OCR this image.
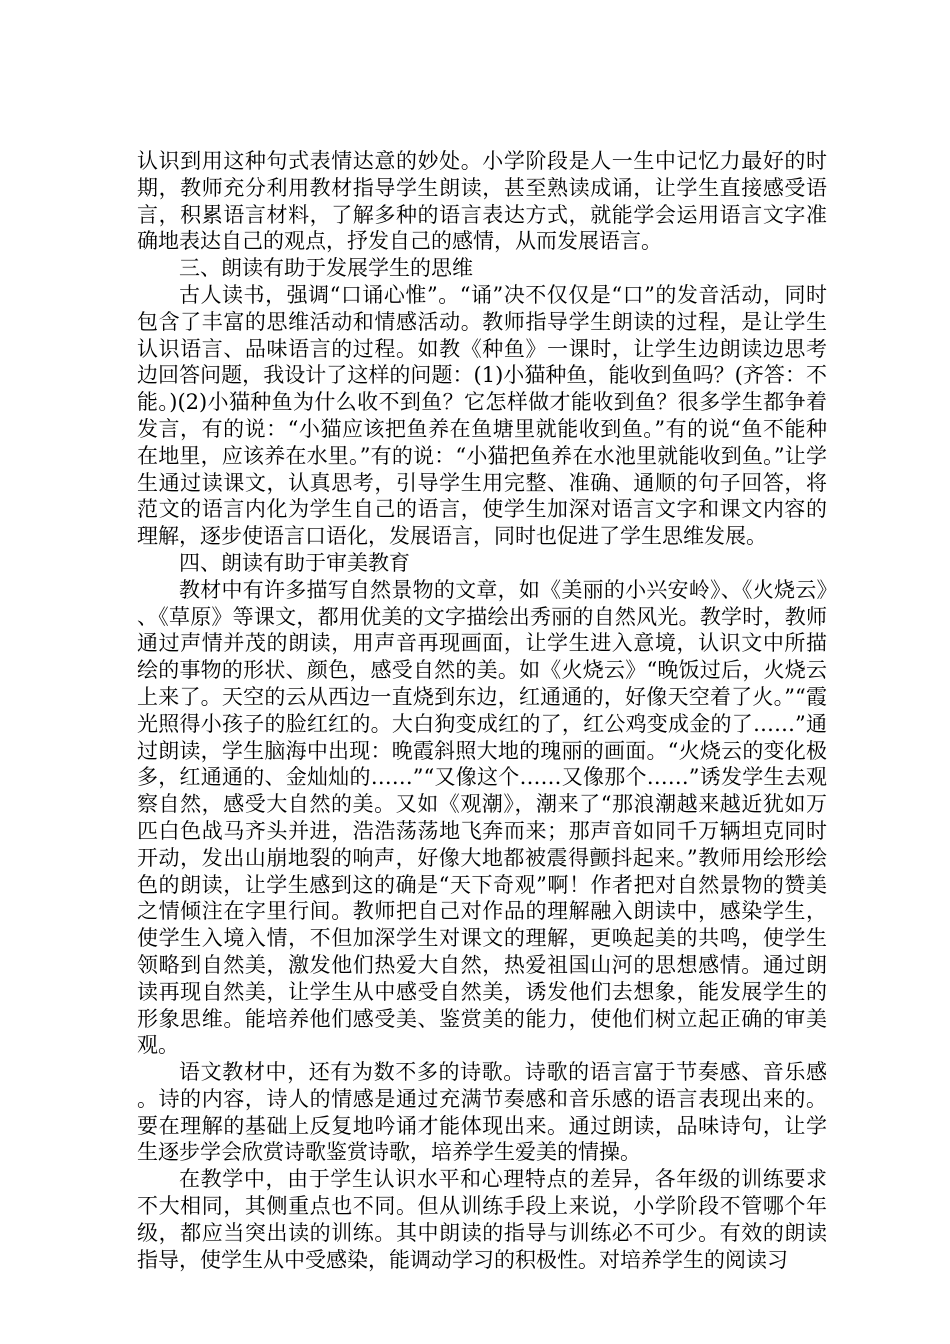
认识到用这种句式表情达意的妙处。小学阶段是人一生中记忆力最好的时期，教师充分利用教材指导学生朗读，甚至熟读成诵，让学生直接感受语言，积累语言材料，了解多种的语言表达方式，就能学会运用语言文字准确地表达自己的观点，抒发自己的感情，从而发展语言。

三、朗读有助于发展学生的思维

古人读书，强调“口诵心惟”。“诵”决不仅仅是“口”的发音活动，同时包含了丰富的思维活动和情感活动。教师指导学生朗读的过程，是让学生认识语言、品味语言的过程。如教《种鱼》一课时，让学生边朗读边思考边回答问题，我设计了这样的问题：(1)小猫种鱼，能收到鱼吗？(齐答：不能。)(2)小猫种鱼为什么收不到鱼？它怎样做才能收到鱼？很多学生都争着发言，有的说：“小猫应该把鱼养在鱼塘里就能收到鱼。”有的说“鱼不能种在地里，应该养在水里。”有的说：“小猫把鱼养在水池里就能收到鱼。”让学生通过读课文，认真思考，引导学生用完整、准确、通顺的句子回答，将范文的语言内化为学生自己的语言，使学生加深对语言文字和课文内容的理解，逐步使语言口语化，发展语言，同时也促进了学生思维发展。

四、朗读有助于审美教育

教材中有许多描写自然景物的文章，如《美丽的小兴安岭》、《火烧云》、《草原》等课文，都用优美的文字描绘出秀丽的自然风光。教学时，教师通过声情并茂的朗读，用声音再现画面，让学生进入意境，认识文中所描绘的事物的形状、颜色，感受自然的美。如《火烧云》“晚饭过后，火烧云上来了。天空的云从西边一直烧到东边，红通通的，好像天空着了火。”“霞光照得小孩子的脸红红的。大白狗变成红的了，红公鸡变成金的了……”通过朗读，学生脑海中出现：晚霞斜照大地的瑰丽的画面。“火烧云的变化极多，红通通的、金灿灿的……”“又像这个……又像那个……”诱发学生去观察自然，感受大自然的美。又如《观潮》，潮来了“那浪潮越来越近犹如万匹白色战马齐头并进，浩浩荡荡地飞奔而来；那声音如同千万辆坦克同时开动，发出山崩地裂的响声，好像大地都被震得颤抖起来。”教师用绘形绘色的朗读，让学生感到这的确是“天下奇观”啊！作者把对自然景物的赞美之情倾注在字里行间。教师把自己对作品的理解融入朗读中，感染学生，使学生入境入情，不但加深学生对课文的理解，更唤起美的共鸣，使学生领略到自然美，激发他们热爱大自然，热爱祖国山河的思想感情。通过朗读再现自然美，让学生从中感受自然美，诱发他们去想象，能发展学生的形象思维。能培养他们感受美、鉴赏美的能力，使他们树立起正确的审美观。

语文教材中，还有为数不多的诗歌。诗歌的语言富于节奏感、音乐感。诗的内容，诗人的情感是通过充满节奏感和音乐感的语言表现出来的。要在理解的基础上反复地吟诵才能体现出来。通过朗读，品味诗句，让学生逐步学会欣赏诗歌鉴赏诗歌，培养学生爱美的情操。

在教学中，由于学生认识水平和心理特点的差异，各年级的训练要求不大相同，其侧重点也不同。但从训练手段上来说，小学阶段不管哪个年级，都应当突出读的训练。其中朗读的指导与训练必不可少。有效的朗读指导，使学生从中受感染，能调动学习的积极性。对培养学生的阅读习
